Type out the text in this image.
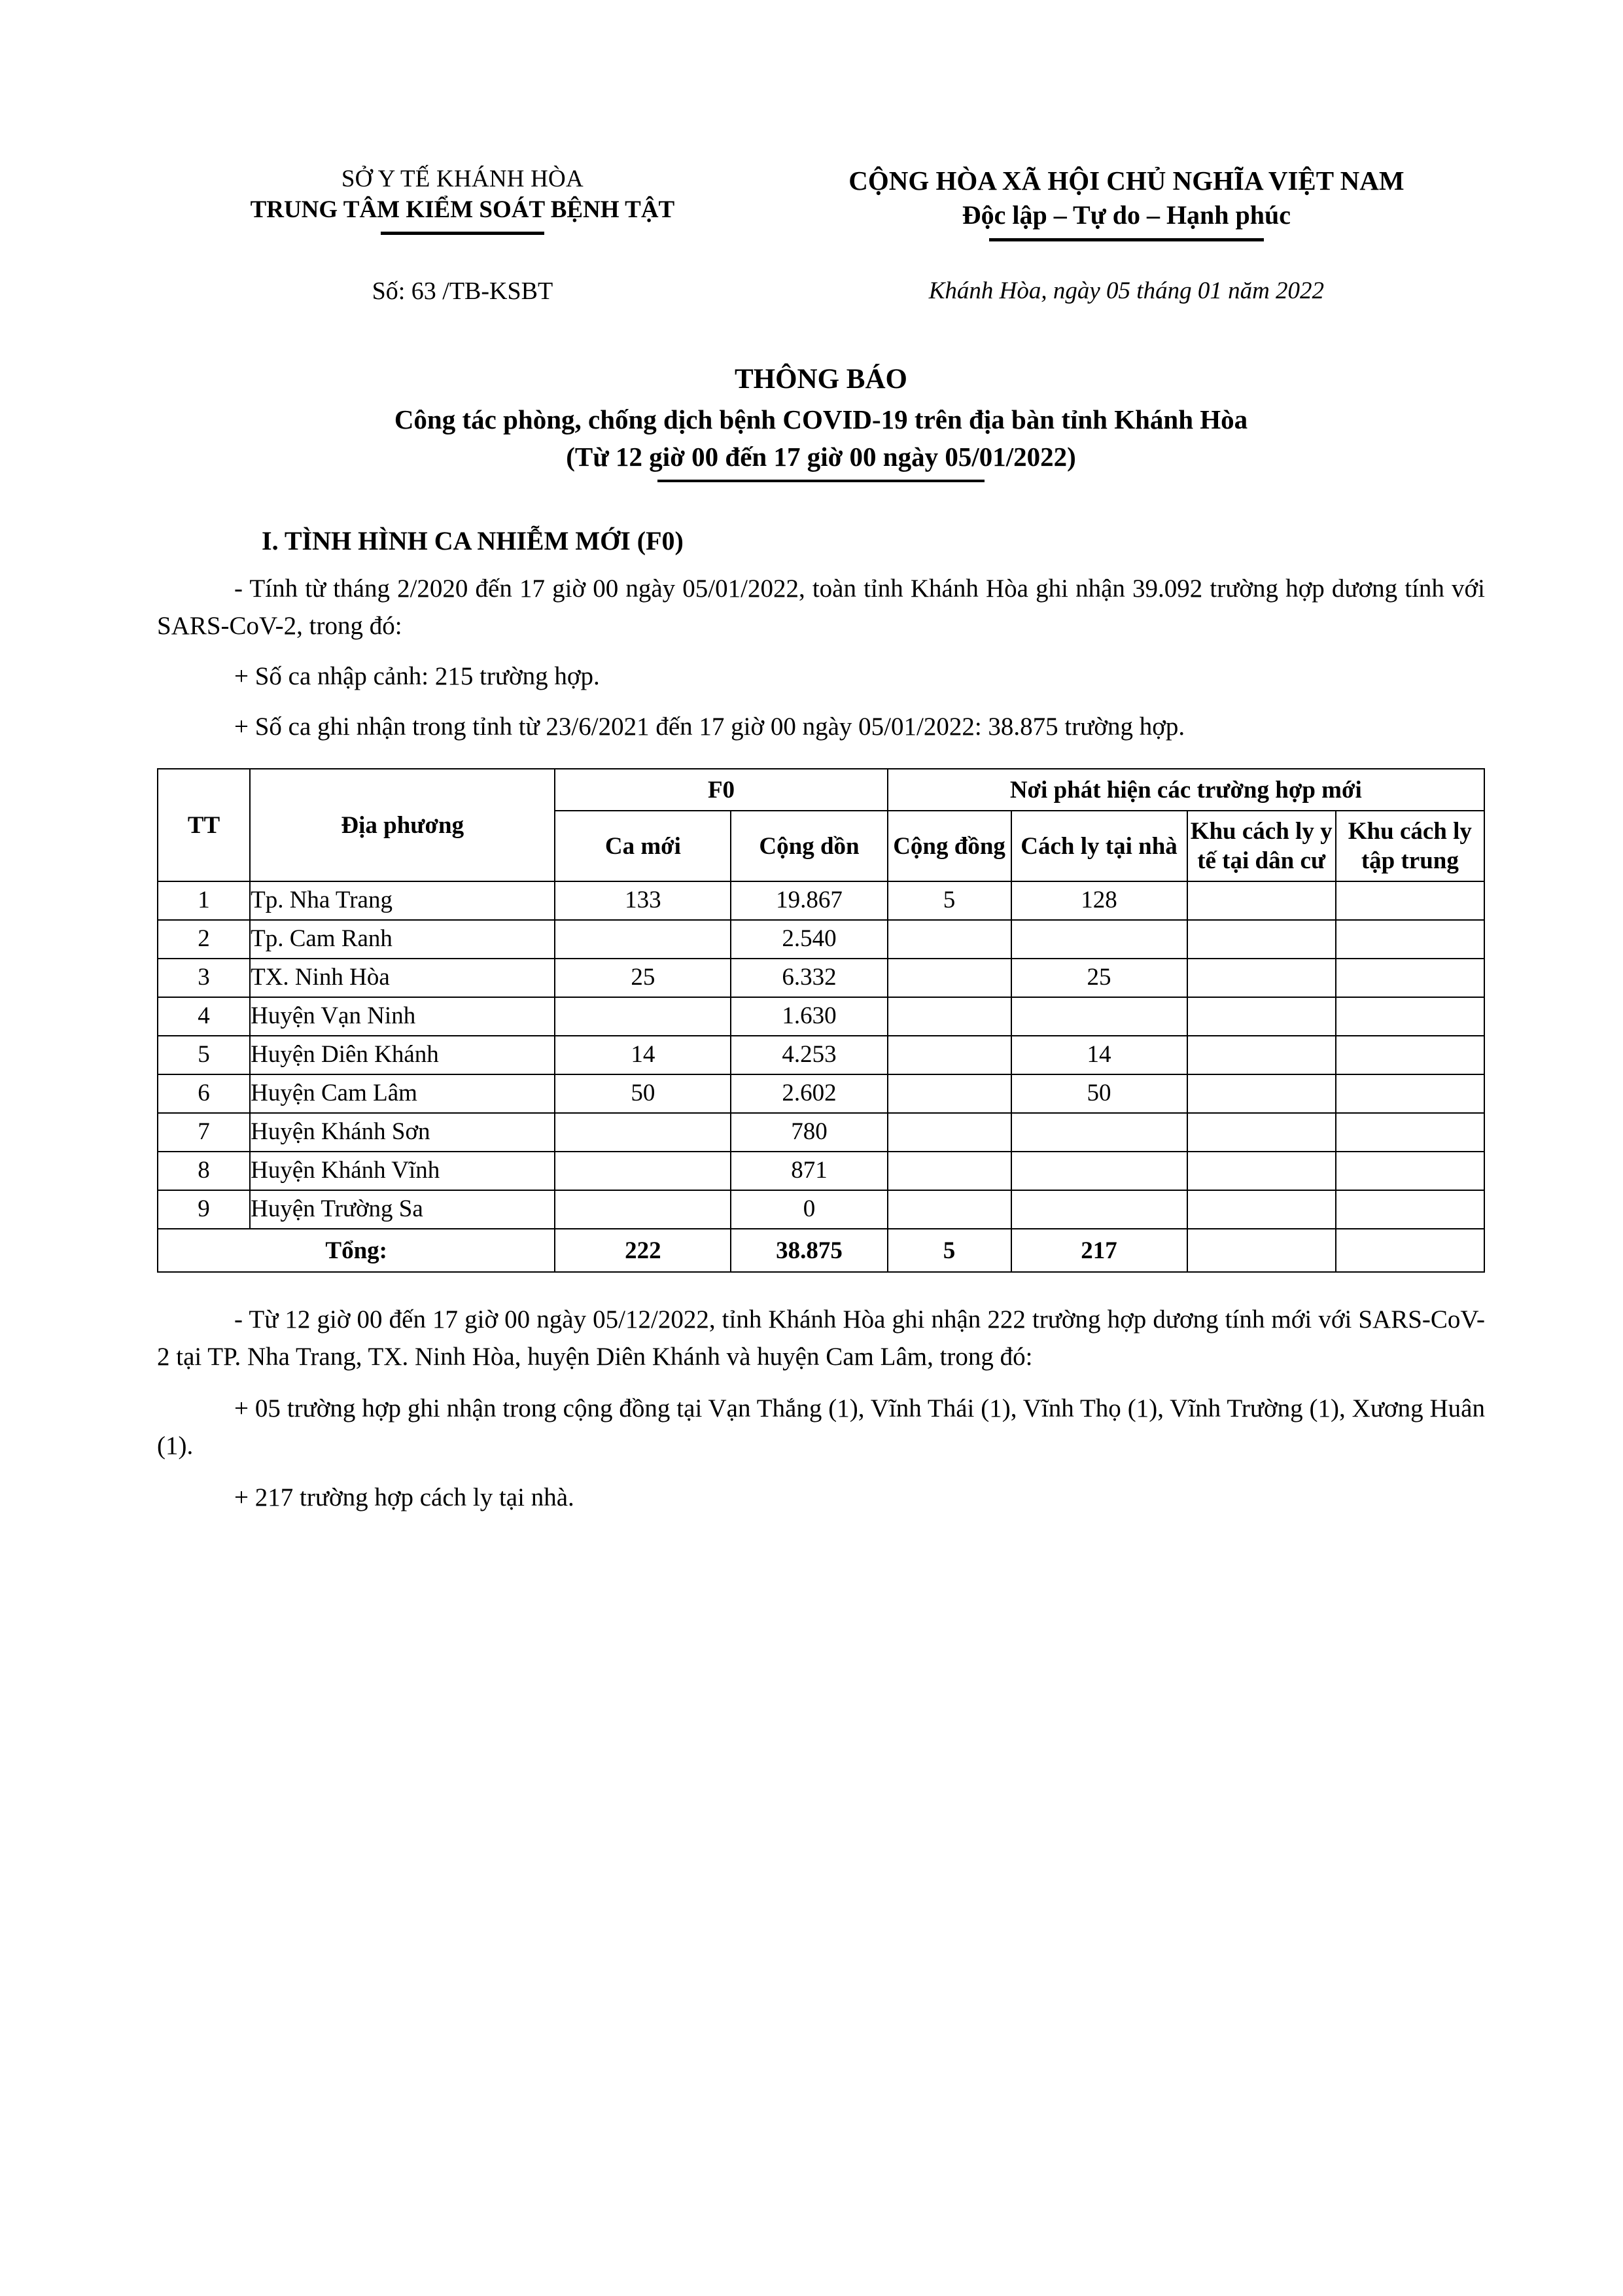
SỞ Y TẾ KHÁNH HÒA
TRUNG TÂM KIỂM SOÁT BỆNH TẬT
CỘNG HÒA XÃ HỘI CHỦ NGHĨA VIỆT NAM
Độc lập – Tự do – Hạnh phúc
Số: 63 /TB-KSBT	Khánh Hòa, ngày 05 tháng 01 năm 2022
THÔNG BÁO
Công tác phòng, chống dịch bệnh COVID-19 trên địa bàn tỉnh Khánh Hòa
(Từ 12 giờ 00 đến 17 giờ 00 ngày 05/01/2022)
I. TÌNH HÌNH CA NHIỄM MỚI (F0)

- Tính từ tháng 2/2020 đến 17 giờ 00 ngày 05/01/2022, toàn tỉnh Khánh Hòa ghi nhận 39.092 trường hợp dương tính với SARS-CoV-2, trong đó:

+ Số ca nhập cảnh: 215 trường hợp.

+ Số ca ghi nhận trong tỉnh từ 23/6/2021 đến 17 giờ 00 ngày 05/01/2022: 38.875 trường hợp.

TT	Địa phương	F0		Nơi phát hiện các trường hợp mới			
		Ca mới	Cộng dồn	Cộng đồng	Cách ly tại nhà	Khu cách ly y tế tại dân cư	Khu cách ly tập trung
1	Tp. Nha Trang	133	19.867	5	128		
2	Tp. Cam Ranh		2.540				
3	TX. Ninh Hòa	25	6.332		25		
4	Huyện Vạn Ninh		1.630				
5	Huyện Diên Khánh	14	4.253		14		
6	Huyện Cam Lâm	50	2.602		50		
7	Huyện Khánh Sơn		780				
8	Huyện Khánh Vĩnh		871				
9	Huyện Trường Sa		0				
Tổng:		222	38.875	5	217		

- Từ 12 giờ 00 đến 17 giờ 00 ngày 05/12/2022, tỉnh Khánh Hòa ghi nhận 222 trường hợp dương tính mới với SARS-CoV-2 tại TP. Nha Trang, TX. Ninh Hòa, huyện Diên Khánh và huyện Cam Lâm, trong đó:

+ 05 trường hợp ghi nhận trong cộng đồng tại Vạn Thắng (1), Vĩnh Thái (1), Vĩnh Thọ (1), Vĩnh Trường (1), Xương Huân (1).

+ 217 trường hợp cách ly tại nhà.
